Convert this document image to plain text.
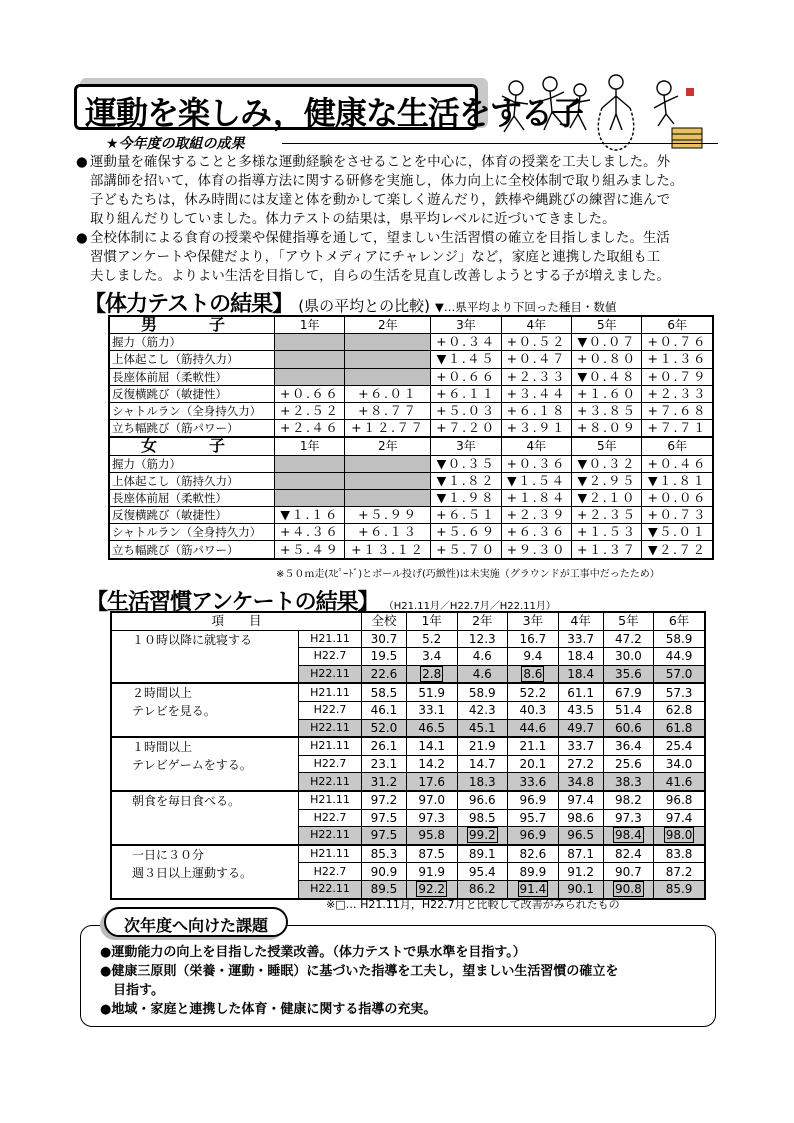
運動を楽しみ，健康な生活をする子
★今年度の取組の成果
● 運動量を確保することと多様な運動経験をさせることを中心に，体育の授業を工夫しました。外
部講師を招いて，体育の指導方法に関する研修を実施し，体力向上に全校体制で取り組みました。
子どもたちは，休み時間には友達と体を動かして楽しく遊んだり，鉄棒や縄跳びの練習に進んで
取り組んだりしていました。体力テストの結果は，県平均レベルに近づいてきました。
● 全校体制による食育の授業や保健指導を通して，望ましい生活習慣の確立を目指しました。生活
習慣アンケートや保健だより，「アウトメディアにチャレンジ」など，家庭と連携した取組も工
夫しました。よりよい生活を目指して，自らの生活を見直し改善しようとする子が増えました。
【体力テストの結果】 (県の平均との比較) ▼…県平均より下回った種目・数値
男　子	1年	2年	3年	4年	5年	6年
握力（筋力）			+０.３４	+０.５２	▼０.０７	+０.７６
上体起こし（筋持久力）			▼１.４５	+０.４７	+０.８０	+１.３６
長座体前屈（柔軟性）			+０.６６	+２.３３	▼０.４８	+０.７９
反復横跳び（敏捷性）	+０.６６	+６.０１	+６.１１	+３.４４	+１.６０	+２.３３
シャトルラン（全身持久力）	+２.５２	+８.７７	+５.０３	+６.１８	+３.８５	+７.６８
立ち幅跳び（筋パワー）	+２.４６	+１２.７７	+７.２０	+３.９１	+８.０９	+７.７１
女　子	1年	2年	3年	4年	5年	6年
握力（筋力）			▼０.３５	+０.３６	▼０.３２	+０.４６
上体起こし（筋持久力）			▼１.８２	▼１.５４	▼２.９５	▼１.８１
長座体前屈（柔軟性）			▼１.９８	+１.８４	▼２.１０	+０.０６
反復横跳び（敏捷性）	▼１.１６	+５.９９	+６.５１	+２.３９	+２.３５	+０.７３
シャトルラン（全身持久力）	+４.３６	+６.１３	+５.６９	+６.３６	+１.５３	▼５.０１
立ち幅跳び（筋パワー）	+５.４９	+１３.１２	+５.７０	+９.３０	+１.３７	▼２.７２
※５０ｍ走(ｽﾋﾟｰﾄﾞ)とボール投げ(巧緻性)は未実施（グラウンドが工事中だったため）
【生活習慣アンケートの結果】 （H21.11月／H22.7月／H22.11月）
項　　目		全校	1年	2年	3年	4年	5年	6年

１０時以降に就寝する	H21.11	30.7	5.2	12.3	16.7	33.7	47.2	58.9
	H22.7	19.5	3.4	4.6	9.4	18.4	30.0	44.9
	H22.11	22.6	2.8	4.6	8.6	18.4	35.6	57.0

２時間以上
テレビを見る。	H21.11	58.5	51.9	58.9	52.2	61.1	67.9	57.3
	H22.7	46.1	33.1	42.3	40.3	43.5	51.4	62.8
	H22.11	52.0	46.5	45.1	44.6	49.7	60.6	61.8

１時間以上
テレビゲームをする。	H21.11	26.1	14.1	21.9	21.1	33.7	36.4	25.4
	H22.7	23.1	14.2	14.7	20.1	27.2	25.6	34.0
	H22.11	31.2	17.6	18.3	33.6	34.8	38.3	41.6

朝食を毎日食べる。	H21.11	97.2	97.0	96.6	96.9	97.4	98.2	96.8
	H22.7	97.5	97.3	98.5	95.7	98.6	97.3	97.4
	H22.11	97.5	95.8	99.2	96.9	96.5	98.4	98.0

一日に３０分
週３日以上運動する。	H21.11	85.3	87.5	89.1	82.6	87.1	82.4	83.8
	H22.7	90.9	91.9	95.4	89.9	91.2	90.7	87.2
	H22.11	89.5	92.2	86.2	91.4	90.1	90.8	85.9
※□… H21.11月，H22.7月と比較して改善がみられたもの
次年度へ向けた課題
●運動能力の向上を目指した授業改善。（体力テストで県水準を目指す。）
●健康三原則（栄養・運動・睡眠）に基づいた指導を工夫し，望ましい生活習慣の確立を
　目指す。
●地域・家庭と連携した体育・健康に関する指導の充実。
